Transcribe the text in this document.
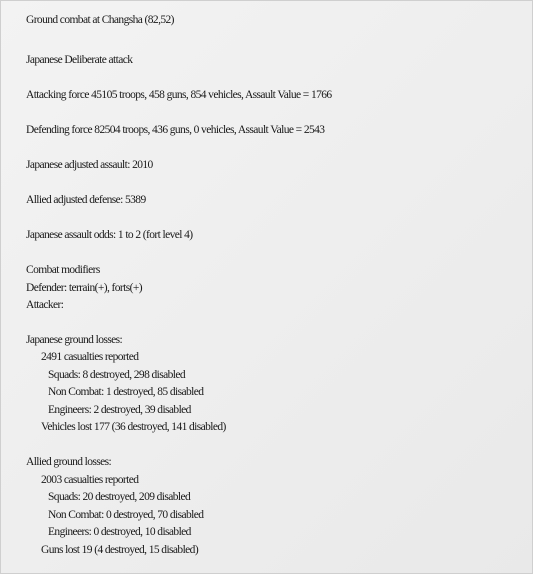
Ground combat at Changsha (82,52)
Japanese Deliberate attack
Attacking force 45105 troops, 458 guns, 854 vehicles, Assault Value = 1766
Defending force 82504 troops, 436 guns, 0 vehicles, Assault Value = 2543
Japanese adjusted assault: 2010
Allied adjusted defense: 5389
Japanese assault odds: 1 to 2 (fort level 4)
Combat modifiers
Defender: terrain(+), forts(+)
Attacker:
Japanese ground losses:
2491 casualties reported
Squads: 8 destroyed, 298 disabled
Non Combat: 1 destroyed, 85 disabled
Engineers: 2 destroyed, 39 disabled
Vehicles lost 177 (36 destroyed, 141 disabled)
Allied ground losses:
2003 casualties reported
Squads: 20 destroyed, 209 disabled
Non Combat: 0 destroyed, 70 disabled
Engineers: 0 destroyed, 10 disabled
Guns lost 19 (4 destroyed, 15 disabled)
